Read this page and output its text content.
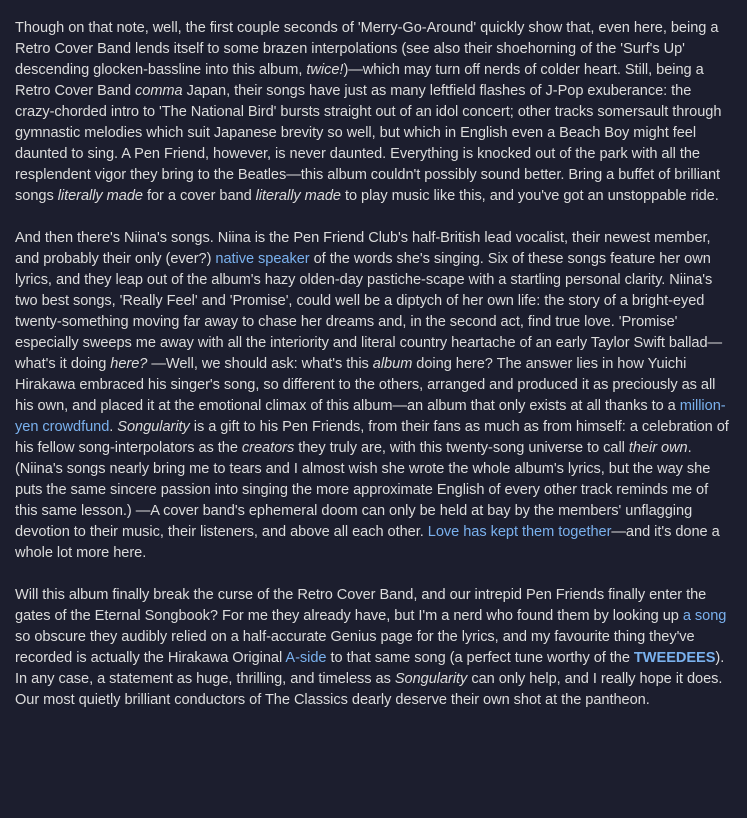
Though on that note, well, the first couple seconds of 'Merry-Go-Around' quickly show that, even here, being a Retro Cover Band lends itself to some brazen interpolations (see also their shoehorning of the 'Surf's Up' descending glocken-bassline into this album, twice!)—which may turn off nerds of colder heart. Still, being a Retro Cover Band comma Japan, their songs have just as many leftfield flashes of J-Pop exuberance: the crazy-chorded intro to 'The National Bird' bursts straight out of an idol concert; other tracks somersault through gymnastic melodies which suit Japanese brevity so well, but which in English even a Beach Boy might feel daunted to sing. A Pen Friend, however, is never daunted. Everything is knocked out of the park with all the resplendent vigor they bring to the Beatles—this album couldn't possibly sound better. Bring a buffet of brilliant songs literally made for a cover band literally made to play music like this, and you've got an unstoppable ride.

And then there's Niina's songs. Niina is the Pen Friend Club's half-British lead vocalist, their newest member, and probably their only (ever?) native speaker of the words she's singing. Six of these songs feature her own lyrics, and they leap out of the album's hazy olden-day pastiche-scape with a startling personal clarity. Niina's two best songs, 'Really Feel' and 'Promise', could well be a diptych of her own life: the story of a bright-eyed twenty-something moving far away to chase her dreams and, in the second act, find true love. 'Promise' especially sweeps me away with all the interiority and literal country heartache of an early Taylor Swift ballad—what's it doing here? —Well, we should ask: what's this album doing here? The answer lies in how Yuichi Hirakawa embraced his singer's song, so different to the others, arranged and produced it as preciously as all his own, and placed it at the emotional climax of this album—an album that only exists at all thanks to a million-yen crowdfund. Songularity is a gift to his Pen Friends, from their fans as much as from himself: a celebration of his fellow song-interpolators as the creators they truly are, with this twenty-song universe to call their own. (Niina's songs nearly bring me to tears and I almost wish she wrote the whole album's lyrics, but the way she puts the same sincere passion into singing the more approximate English of every other track reminds me of this same lesson.) —A cover band's ephemeral doom can only be held at bay by the members' unflagging devotion to their music, their listeners, and above all each other. Love has kept them together—and it's done a whole lot more here.

Will this album finally break the curse of the Retro Cover Band, and our intrepid Pen Friends finally enter the gates of the Eternal Songbook? For me they already have, but I'm a nerd who found them by looking up a song so obscure they audibly relied on a half-accurate Genius page for the lyrics, and my favourite thing they've recorded is actually the Hirakawa Original A-side to that same song (a perfect tune worthy of the TWEEDEES). In any case, a statement as huge, thrilling, and timeless as Songularity can only help, and I really hope it does. Our most quietly brilliant conductors of The Classics dearly deserve their own shot at the pantheon.
